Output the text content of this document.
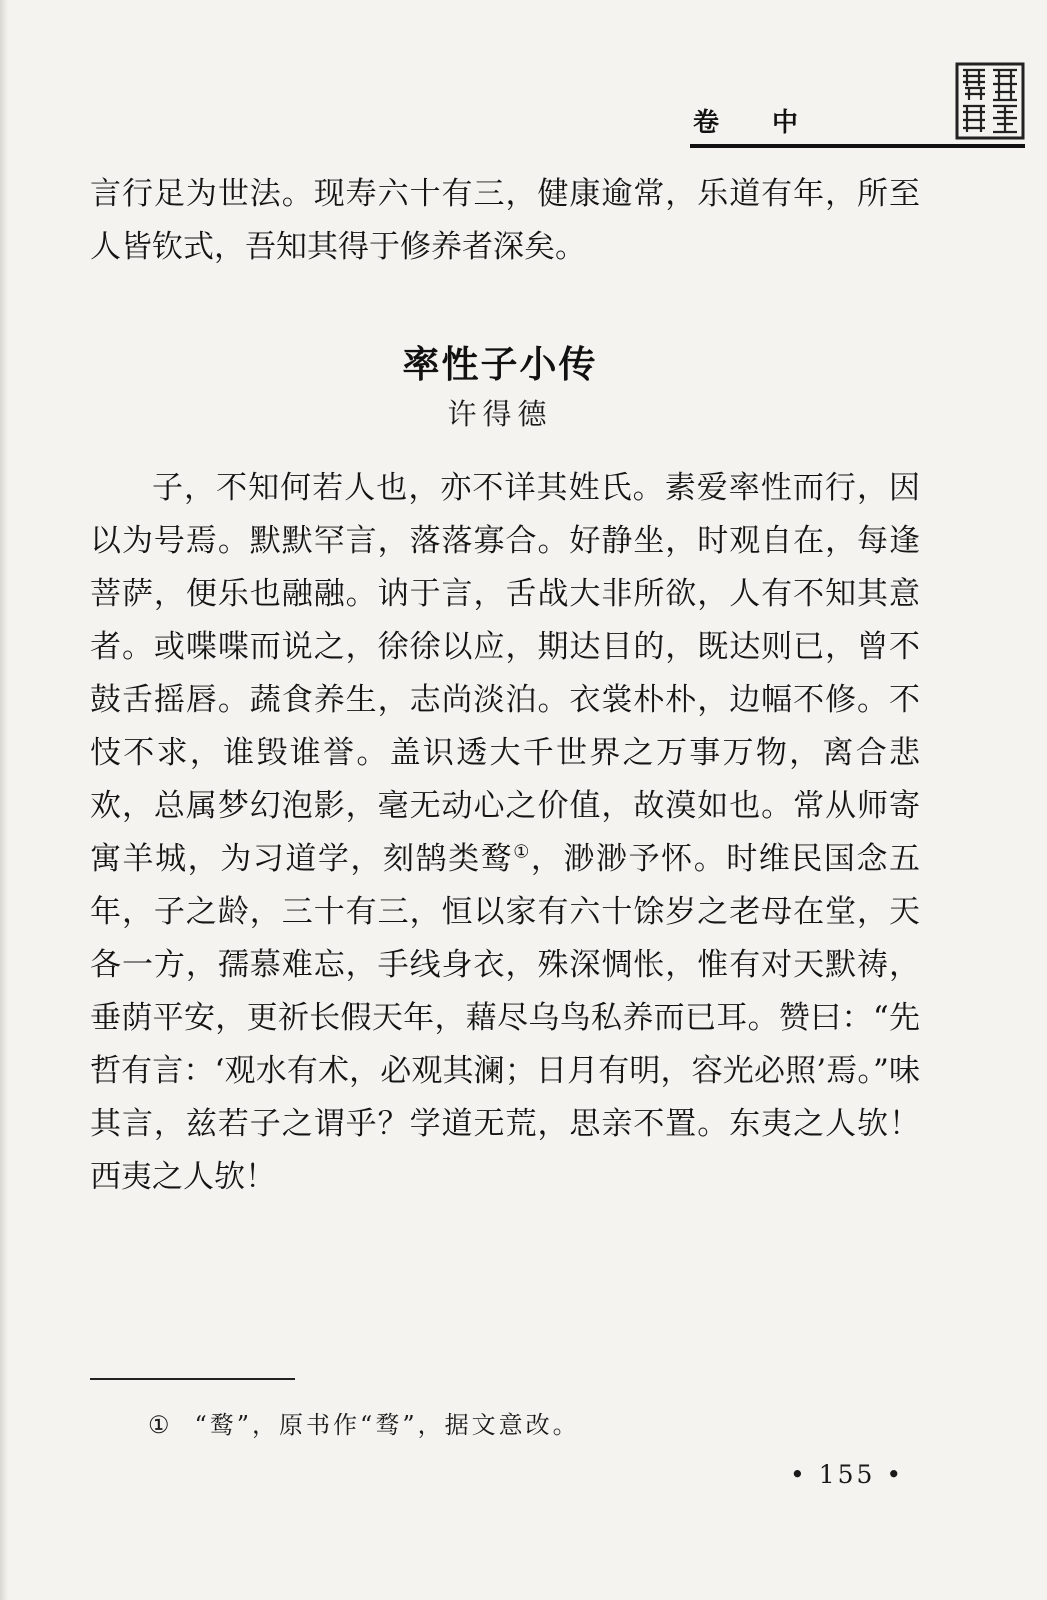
卷 中

言行足为世法。现寿六十有三，健康逾常，乐道有年，所至人皆钦式，吾知其得于修养者深矣。

率性子小传
许得德

子，不知何若人也，亦不详其姓氏。素爱率性而行，因以为号焉。默默罕言，落落寡合。好静坐，时观自在，每逢菩萨，便乐也融融。讷于言，舌战大非所欲，人有不知其意者。或喋喋而说之，徐徐以应，期达目的，既达则已，曾不鼓舌摇唇。蔬食养生，志尚淡泊。衣裳朴朴，边幅不修。不忮不求，谁毁谁誉。盖识透大千世界之万事万物，离合悲欢，总属梦幻泡影，毫无动心之价值，故漠如也。常从师寄寓羊城，为习道学，刻鹄类鹜①，渺渺予怀。时维民国念五年，子之龄，三十有三，恒以家有六十馀岁之老母在堂，天各一方，孺慕难忘，手线身衣，殊深惆怅，惟有对天默祷，垂荫平安，更祈长假天年，藉尽乌鸟私养而已耳。赞曰：“先哲有言：‘观水有术，必观其澜；日月有明，容光必照’焉。”味其言，兹若子之谓乎？学道无荒，思亲不置。东夷之人欤！西夷之人欤！

① “鹜”，原书作“骛”，据文意改。
• 155 •
